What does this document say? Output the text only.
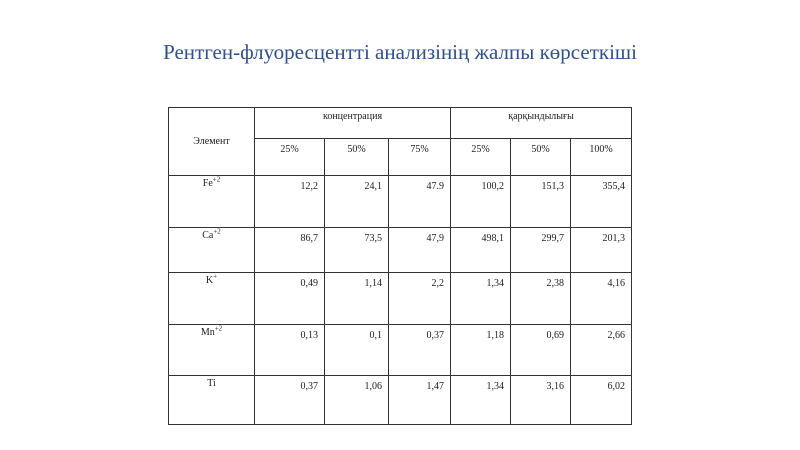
Рентген-флуоресцентті анализінің жалпы көрсеткіші
Элемент	концентрация			қарқындылығы		
	25%	50%	75%	25%	50%	100%
$Fe^{+2}$	12,2	24,1	47.9	100,2	151,3	355,4
$Ca^{+2}$	86,7	73,5	47,9	498,1	299,7	201,3
K+	0,49	1,14	2,2	1,34	2,38	4,16
$Mn^{+2}$	0,13	0,1	0,37	1,18	0,69	2,66
Ti	0,37	1,06	1,47	1,34	3,16	6,02
